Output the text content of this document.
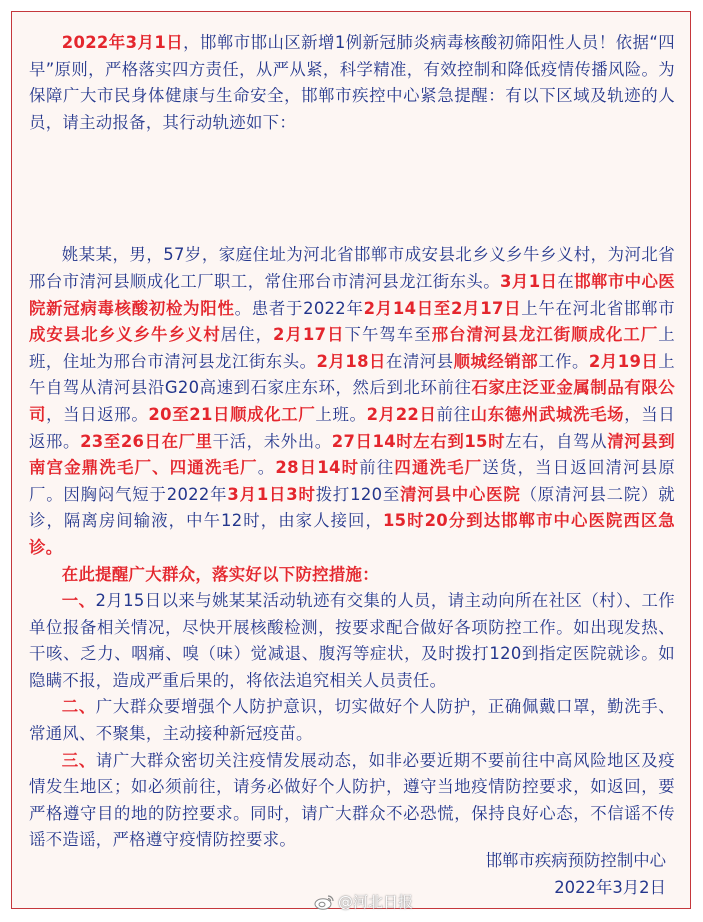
2022年3月1日，邯郸市邯山区新增1例新冠肺炎病毒核酸初筛阳性人员！依据“四早”原则，严格落实四方责任，从严从紧，科学精准，有效控制和降低疫情传播风险。为保障广大市民身体健康与生命安全，邯郸市疾控中心紧急提醒：有以下区域及轨迹的人员，请主动报备，其行动轨迹如下：

姚某某，男，57岁，家庭住址为河北省邯郸市成安县北乡义乡牛乡义村，为河北省邢台市清河县顺成化工厂职工，常住邢台市清河县龙江街东头。3月1日在邯郸市中心医院新冠病毒核酸初检为阳性。患者于2022年2月14日至2月17日上午在河北省邯郸市成安县北乡义乡牛乡义村居住，2月17日下午驾车至邢台清河县龙江街顺成化工厂上班，住址为邢台市清河县龙江街东头。2月18日在清河县顺城经销部工作。2月19日上午自驾从清河县沿G20高速到石家庄东环，然后到北环前往石家庄泛亚金属制品有限公司，当日返邢。20至21日顺成化工厂上班。2月22日前往山东德州武城洗毛场，当日返邢。23至26日在厂里干活，未外出。27日14时左右到15时左右，自驾从清河县到南宫金鼎洗毛厂、四通洗毛厂。28日14时前往四通洗毛厂送货，当日返回清河县原厂。因胸闷气短于2022年3月1日3时拨打120至清河县中心医院（原清河县二院）就诊，隔离房间输液，中午12时，由家人接回，15时20分到达邯郸市中心医院西区急诊。

在此提醒广大群众，落实好以下防控措施：

一、2月15日以来与姚某某活动轨迹有交集的人员，请主动向所在社区（村）、工作单位报备相关情况，尽快开展核酸检测，按要求配合做好各项防控工作。如出现发热、干咳、乏力、咽痛、嗅（味）觉减退、腹泻等症状，及时拨打120到指定医院就诊。如隐瞒不报，造成严重后果的，将依法追究相关人员责任。

二、广大群众要增强个人防护意识，切实做好个人防护，正确佩戴口罩，勤洗手、常通风、不聚集，主动接种新冠疫苗。

三、请广大群众密切关注疫情发展动态，如非必要近期不要前往中高风险地区及疫情发生地区；如必须前往，请务必做好个人防护，遵守当地疫情防控要求，如返回，要严格遵守目的地的防控要求。同时，请广大群众不必恐慌，保持良好心态，不信谣不传谣不造谣，严格遵守疫情防控要求。

邯郸市疾病预防控制中心
2022年3月2日
@河北日报
